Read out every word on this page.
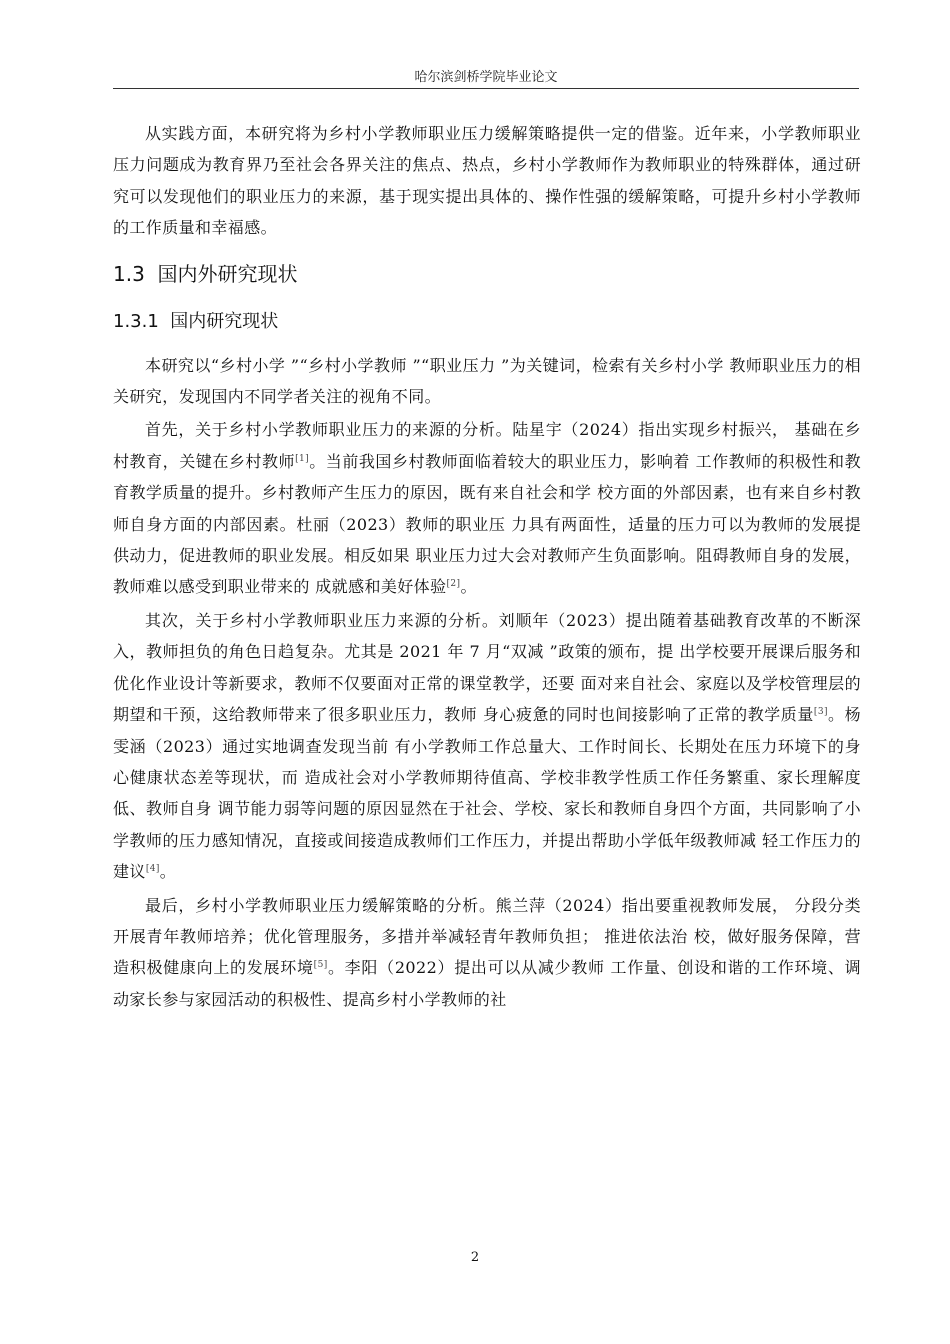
哈尔滨剑桥学院毕业论文

从实践方面，本研究将为乡村小学教师职业压力缓解策略提供一定的借鉴。近年来，小学教师职业压力问题成为教育界乃至社会各界关注的焦点、热点，乡村小学教师作为教师职业的特殊群体，通过研究可以发现他们的职业压力的来源，基于现实提出具体的、操作性强的缓解策略，可提升乡村小学教师的工作质量和幸福感。

1.3 国内外研究现状
1.3.1 国内研究现状

本研究以“乡村小学 ”“乡村小学教师 ”“职业压力 ”为关键词，检索有关乡村小学 教师职业压力的相关研究，发现国内不同学者关注的视角不同。

首先，关于乡村小学教师职业压力的来源的分析。陆星宇（2024）指出实现乡村振兴， 基础在乡村教育，关键在乡村教师[1]。当前我国乡村教师面临着较大的职业压力，影响着 工作教师的积极性和教育教学质量的提升。乡村教师产生压力的原因，既有来自社会和学 校方面的外部因素，也有来自乡村教师自身方面的内部因素。杜丽（2023）教师的职业压 力具有两面性，适量的压力可以为教师的发展提供动力，促进教师的职业发展。相反如果 职业压力过大会对教师产生负面影响。阻碍教师自身的发展，教师难以感受到职业带来的 成就感和美好体验[2]。

其次，关于乡村小学教师职业压力来源的分析。刘顺年（2023）提出随着基础教育改革的不断深入，教师担负的角色日趋复杂。尤其是 2021 年 7 月“双减 ”政策的颁布，提 出学校要开展课后服务和优化作业设计等新要求，教师不仅要面对正常的课堂教学，还要 面对来自社会、家庭以及学校管理层的期望和干预，这给教师带来了很多职业压力，教师 身心疲惫的同时也间接影响了正常的教学质量[3]。杨雯涵（2023）通过实地调查发现当前 有小学教师工作总量大、工作时间长、长期处在压力环境下的身心健康状态差等现状，而 造成社会对小学教师期待值高、学校非教学性质工作任务繁重、家长理解度低、教师自身 调节能力弱等问题的原因显然在于社会、学校、家长和教师自身四个方面，共同影响了小 学教师的压力感知情况，直接或间接造成教师们工作压力，并提出帮助小学低年级教师减 轻工作压力的建议[4]。

最后，乡村小学教师职业压力缓解策略的分析。熊兰萍（2024）指出要重视教师发展， 分段分类开展青年教师培养；优化管理服务，多措并举减轻青年教师负担； 推进依法治 校，做好服务保障，营造积极健康向上的发展环境[5]。李阳（2022）提出可以从减少教师 工作量、创设和谐的工作环境、调动家长参与家园活动的积极性、提高乡村小学教师的社

2
